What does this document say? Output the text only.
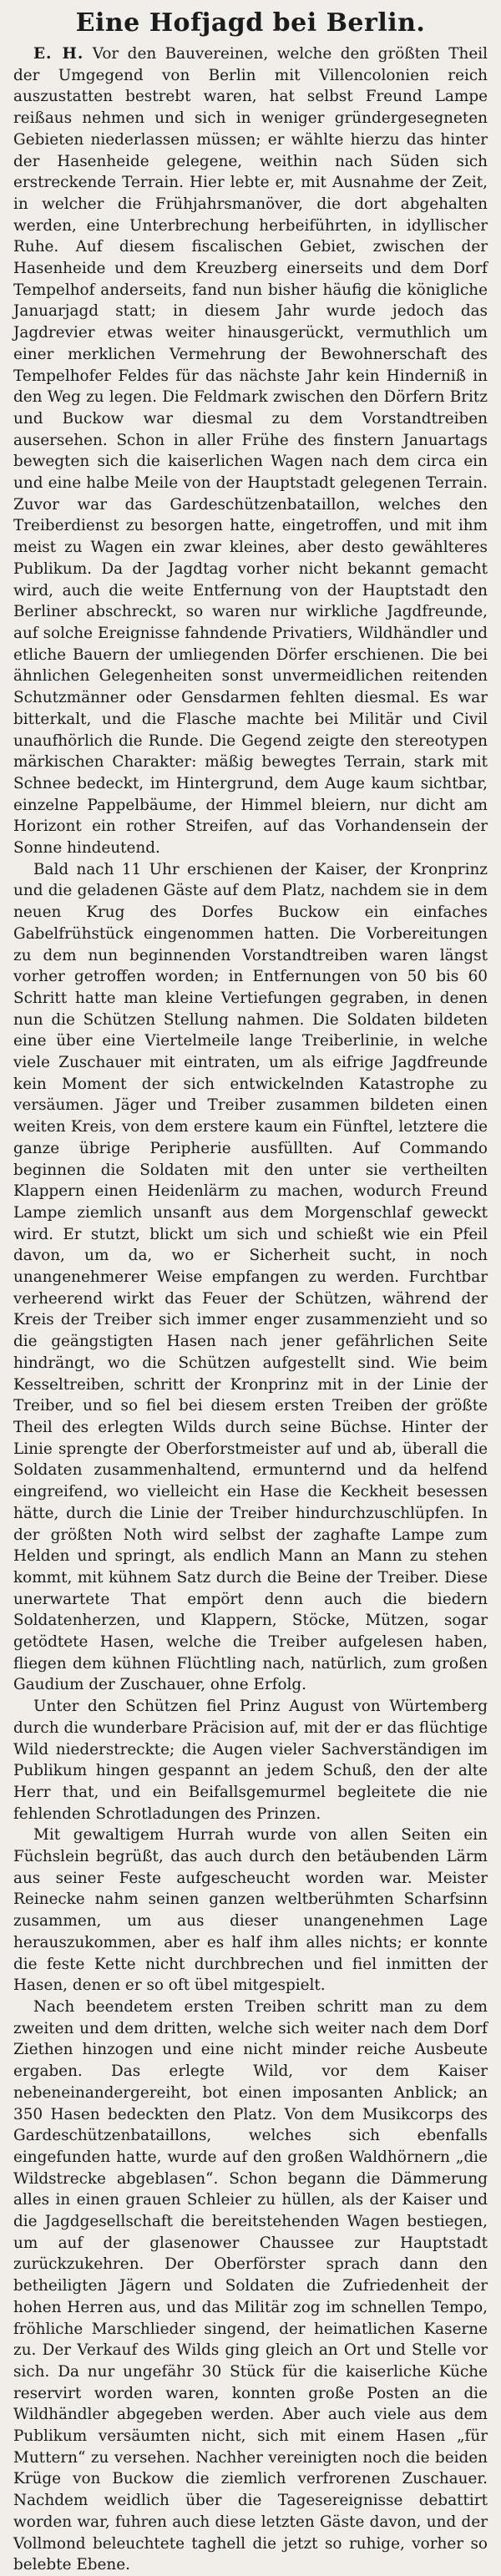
Eine Hofjagd bei Berlin.

E. H. Vor den Bauvereinen, welche den größten Theil der Umgegend von Berlin mit Villencolonien reich auszustatten bestrebt waren, hat selbst Freund Lampe reißaus nehmen und sich in weniger gründergesegneten Gebieten niederlassen müssen; er wählte hierzu das hinter der Hasenheide gelegene, weithin nach Süden sich erstreckende Terrain. Hier lebte er, mit Ausnahme der Zeit, in welcher die Frühjahrsmanöver, die dort abgehalten werden, eine Unterbrechung herbeiführten, in idyllischer Ruhe. Auf diesem fiscalischen Gebiet, zwischen der Hasenheide und dem Kreuzberg einerseits und dem Dorf Tempelhof anderseits, fand nun bisher häufig die königliche Januarjagd statt; in diesem Jahr wurde jedoch das Jagdrevier etwas weiter hinausgerückt, vermuthlich um einer merklichen Vermehrung der Bewohnerschaft des Tempelhofer Feldes für das nächste Jahr kein Hinderniß in den Weg zu legen. Die Feldmark zwischen den Dörfern Britz und Buckow war diesmal zu dem Vorstandtreiben ausersehen. Schon in aller Frühe des finstern Januartags bewegten sich die kaiserlichen Wagen nach dem circa ein und eine halbe Meile von der Hauptstadt gelegenen Terrain. Zuvor war das Gardeschützenbataillon, welches den Treiberdienst zu besorgen hatte, eingetroffen, und mit ihm meist zu Wagen ein zwar kleines, aber desto gewählteres Publikum. Da der Jagdtag vorher nicht bekannt gemacht wird, auch die weite Entfernung von der Hauptstadt den Berliner abschreckt, so waren nur wirkliche Jagdfreunde, auf solche Ereignisse fahndende Privatiers, Wildhändler und etliche Bauern der umliegenden Dörfer erschienen. Die bei ähnlichen Gelegenheiten sonst unvermeidlichen reitenden Schutzmänner oder Gensdarmen fehlten diesmal. Es war bitterkalt, und die Flasche machte bei Militär und Civil unaufhörlich die Runde. Die Gegend zeigte den stereotypen märkischen Charakter: mäßig bewegtes Terrain, stark mit Schnee bedeckt, im Hintergrund, dem Auge kaum sichtbar, einzelne Pappelbäume, der Himmel bleiern, nur dicht am Horizont ein rother Streifen, auf das Vorhandensein der Sonne hindeutend.

Bald nach 11 Uhr erschienen der Kaiser, der Kronprinz und die geladenen Gäste auf dem Platz, nachdem sie in dem neuen Krug des Dorfes Buckow ein einfaches Gabelfrühstück eingenommen hatten. Die Vorbereitungen zu dem nun beginnenden Vorstandtreiben waren längst vorher getroffen worden; in Entfernungen von 50 bis 60 Schritt hatte man kleine Vertiefungen gegraben, in denen nun die Schützen Stellung nahmen. Die Soldaten bildeten eine über eine Viertelmeile lange Treiberlinie, in welche viele Zuschauer mit eintraten, um als eifrige Jagdfreunde kein Moment der sich entwickelnden Katastrophe zu versäumen. Jäger und Treiber zusammen bildeten einen weiten Kreis, von dem erstere kaum ein Fünftel, letztere die ganze übrige Peripherie ausfüllten. Auf Commando beginnen die Soldaten mit den unter sie vertheilten Klappern einen Heidenlärm zu machen, wodurch Freund Lampe ziemlich unsanft aus dem Morgenschlaf geweckt wird. Er stutzt, blickt um sich und schießt wie ein Pfeil davon, um da, wo er Sicherheit sucht, in noch unangenehmerer Weise empfangen zu werden. Furchtbar verheerend wirkt das Feuer der Schützen, während der Kreis der Treiber sich immer enger zusammenzieht und so die geängstigten Hasen nach jener gefährlichen Seite hindrängt, wo die Schützen aufgestellt sind. Wie beim Kesseltreiben, schritt der Kronprinz mit in der Linie der Treiber, und so fiel bei diesem ersten Treiben der größte Theil des erlegten Wilds durch seine Büchse. Hinter der Linie sprengte der Oberforstmeister auf und ab, überall die Soldaten zusammenhaltend, ermunternd und da helfend eingreifend, wo vielleicht ein Hase die Keckheit besessen hätte, durch die Linie der Treiber hindurchzuschlüpfen. In der größten Noth wird selbst der zaghafte Lampe zum Helden und springt, als endlich Mann an Mann zu stehen kommt, mit kühnem Satz durch die Beine der Treiber. Diese unerwartete That empört denn auch die biedern Soldatenherzen, und Klappern, Stöcke, Mützen, sogar getödtete Hasen, welche die Treiber aufgelesen haben, fliegen dem kühnen Flüchtling nach, natürlich, zum großen Gaudium der Zuschauer, ohne Erfolg.

Unter den Schützen fiel Prinz August von Würtemberg durch die wunderbare Präcision auf, mit der er das flüchtige Wild niederstreckte; die Augen vieler Sachverständigen im Publikum hingen gespannt an jedem Schuß, den der alte Herr that, und ein Beifallsgemurmel begleitete die nie fehlenden Schrotladungen des Prinzen.

Mit gewaltigem Hurrah wurde von allen Seiten ein Füchslein begrüßt, das auch durch den betäubenden Lärm aus seiner Feste aufgescheucht worden war. Meister Reinecke nahm seinen ganzen weltberühmten Scharfsinn zusammen, um aus dieser unangenehmen Lage herauszukommen, aber es half ihm alles nichts; er konnte die feste Kette nicht durchbrechen und fiel inmitten der Hasen, denen er so oft übel mitgespielt.

Nach beendetem ersten Treiben schritt man zu dem zweiten und dem dritten, welche sich weiter nach dem Dorf Ziethen hinzogen und eine nicht minder reiche Ausbeute ergaben. Das erlegte Wild, vor dem Kaiser nebeneinandergereiht, bot einen imposanten Anblick; an 350 Hasen bedeckten den Platz. Von dem Musikcorps des Gardeschützenbataillons, welches sich ebenfalls eingefunden hatte, wurde auf den großen Waldhörnern „die Wildstrecke abgeblasen“. Schon begann die Dämmerung alles in einen grauen Schleier zu hüllen, als der Kaiser und die Jagdgesellschaft die bereitstehenden Wagen bestiegen, um auf der glasenower Chaussee zur Hauptstadt zurückzukehren. Der Oberförster sprach dann den betheiligten Jägern und Soldaten die Zufriedenheit der hohen Herren aus, und das Militär zog im schnellen Tempo, fröhliche Marschlieder singend, der heimatlichen Kaserne zu. Der Verkauf des Wilds ging gleich an Ort und Stelle vor sich. Da nur ungefähr 30 Stück für die kaiserliche Küche reservirt worden waren, konnten große Posten an die Wildhändler abgegeben werden. Aber auch viele aus dem Publikum versäumten nicht, sich mit einem Hasen „für Muttern“ zu versehen. Nachher vereinigten noch die beiden Krüge von Buckow die ziemlich verfrorenen Zuschauer. Nachdem weidlich über die Tagesereignisse debattirt worden war, fuhren auch diese letzten Gäste davon, und der Vollmond beleuchtete taghell die jetzt so ruhige, vorher so belebte Ebene.
